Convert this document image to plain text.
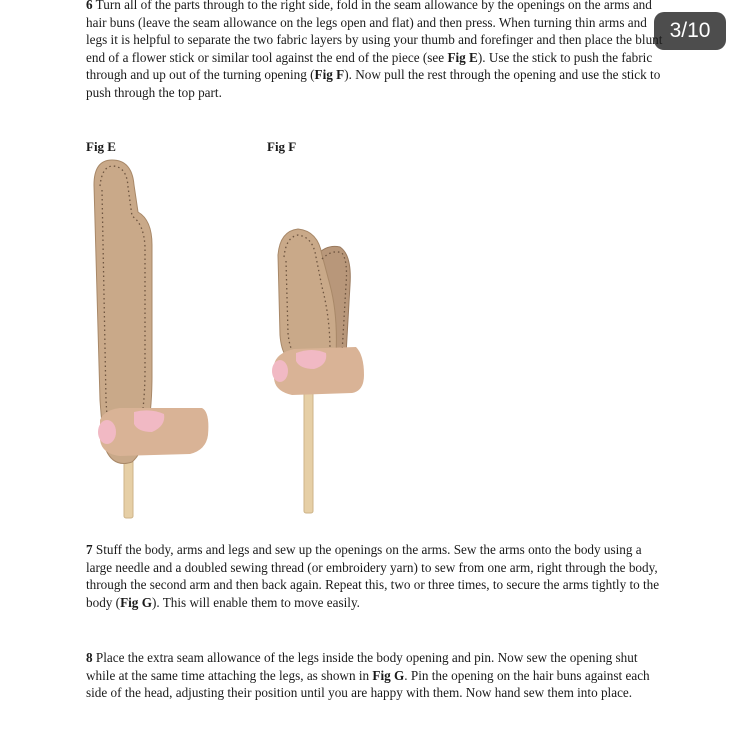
3/10

6 Turn all of the parts through to the right side, fold in the seam allowance by the openings on the arms and hair buns (leave the seam allowance on the legs open and flat) and then press. When turning thin arms and legs it is helpful to separate the two fabric layers by using your thumb and forefinger and then place the blunt end of a flower stick or similar tool against the end of the piece (see Fig E). Use the stick to push the fabric through and up out of the turning opening (Fig F). Now pull the rest through the opening and use the stick to push through the top part.

Fig E	Fig F

7 Stuff the body, arms and legs and sew up the openings on the arms. Sew the arms onto the body using a large needle and a doubled sewing thread (or embroidery yarn) to sew from one arm, right through the body, through the second arm and then back again. Repeat this, two or three times, to secure the arms tightly to the body (Fig G). This will enable them to move easily.

8 Place the extra seam allowance of the legs inside the body opening and pin. Now sew the opening shut while at the same time attaching the legs, as shown in Fig G. Pin the opening on the hair buns against each side of the head, adjusting their position until you are happy with them. Now hand sew them into place.
